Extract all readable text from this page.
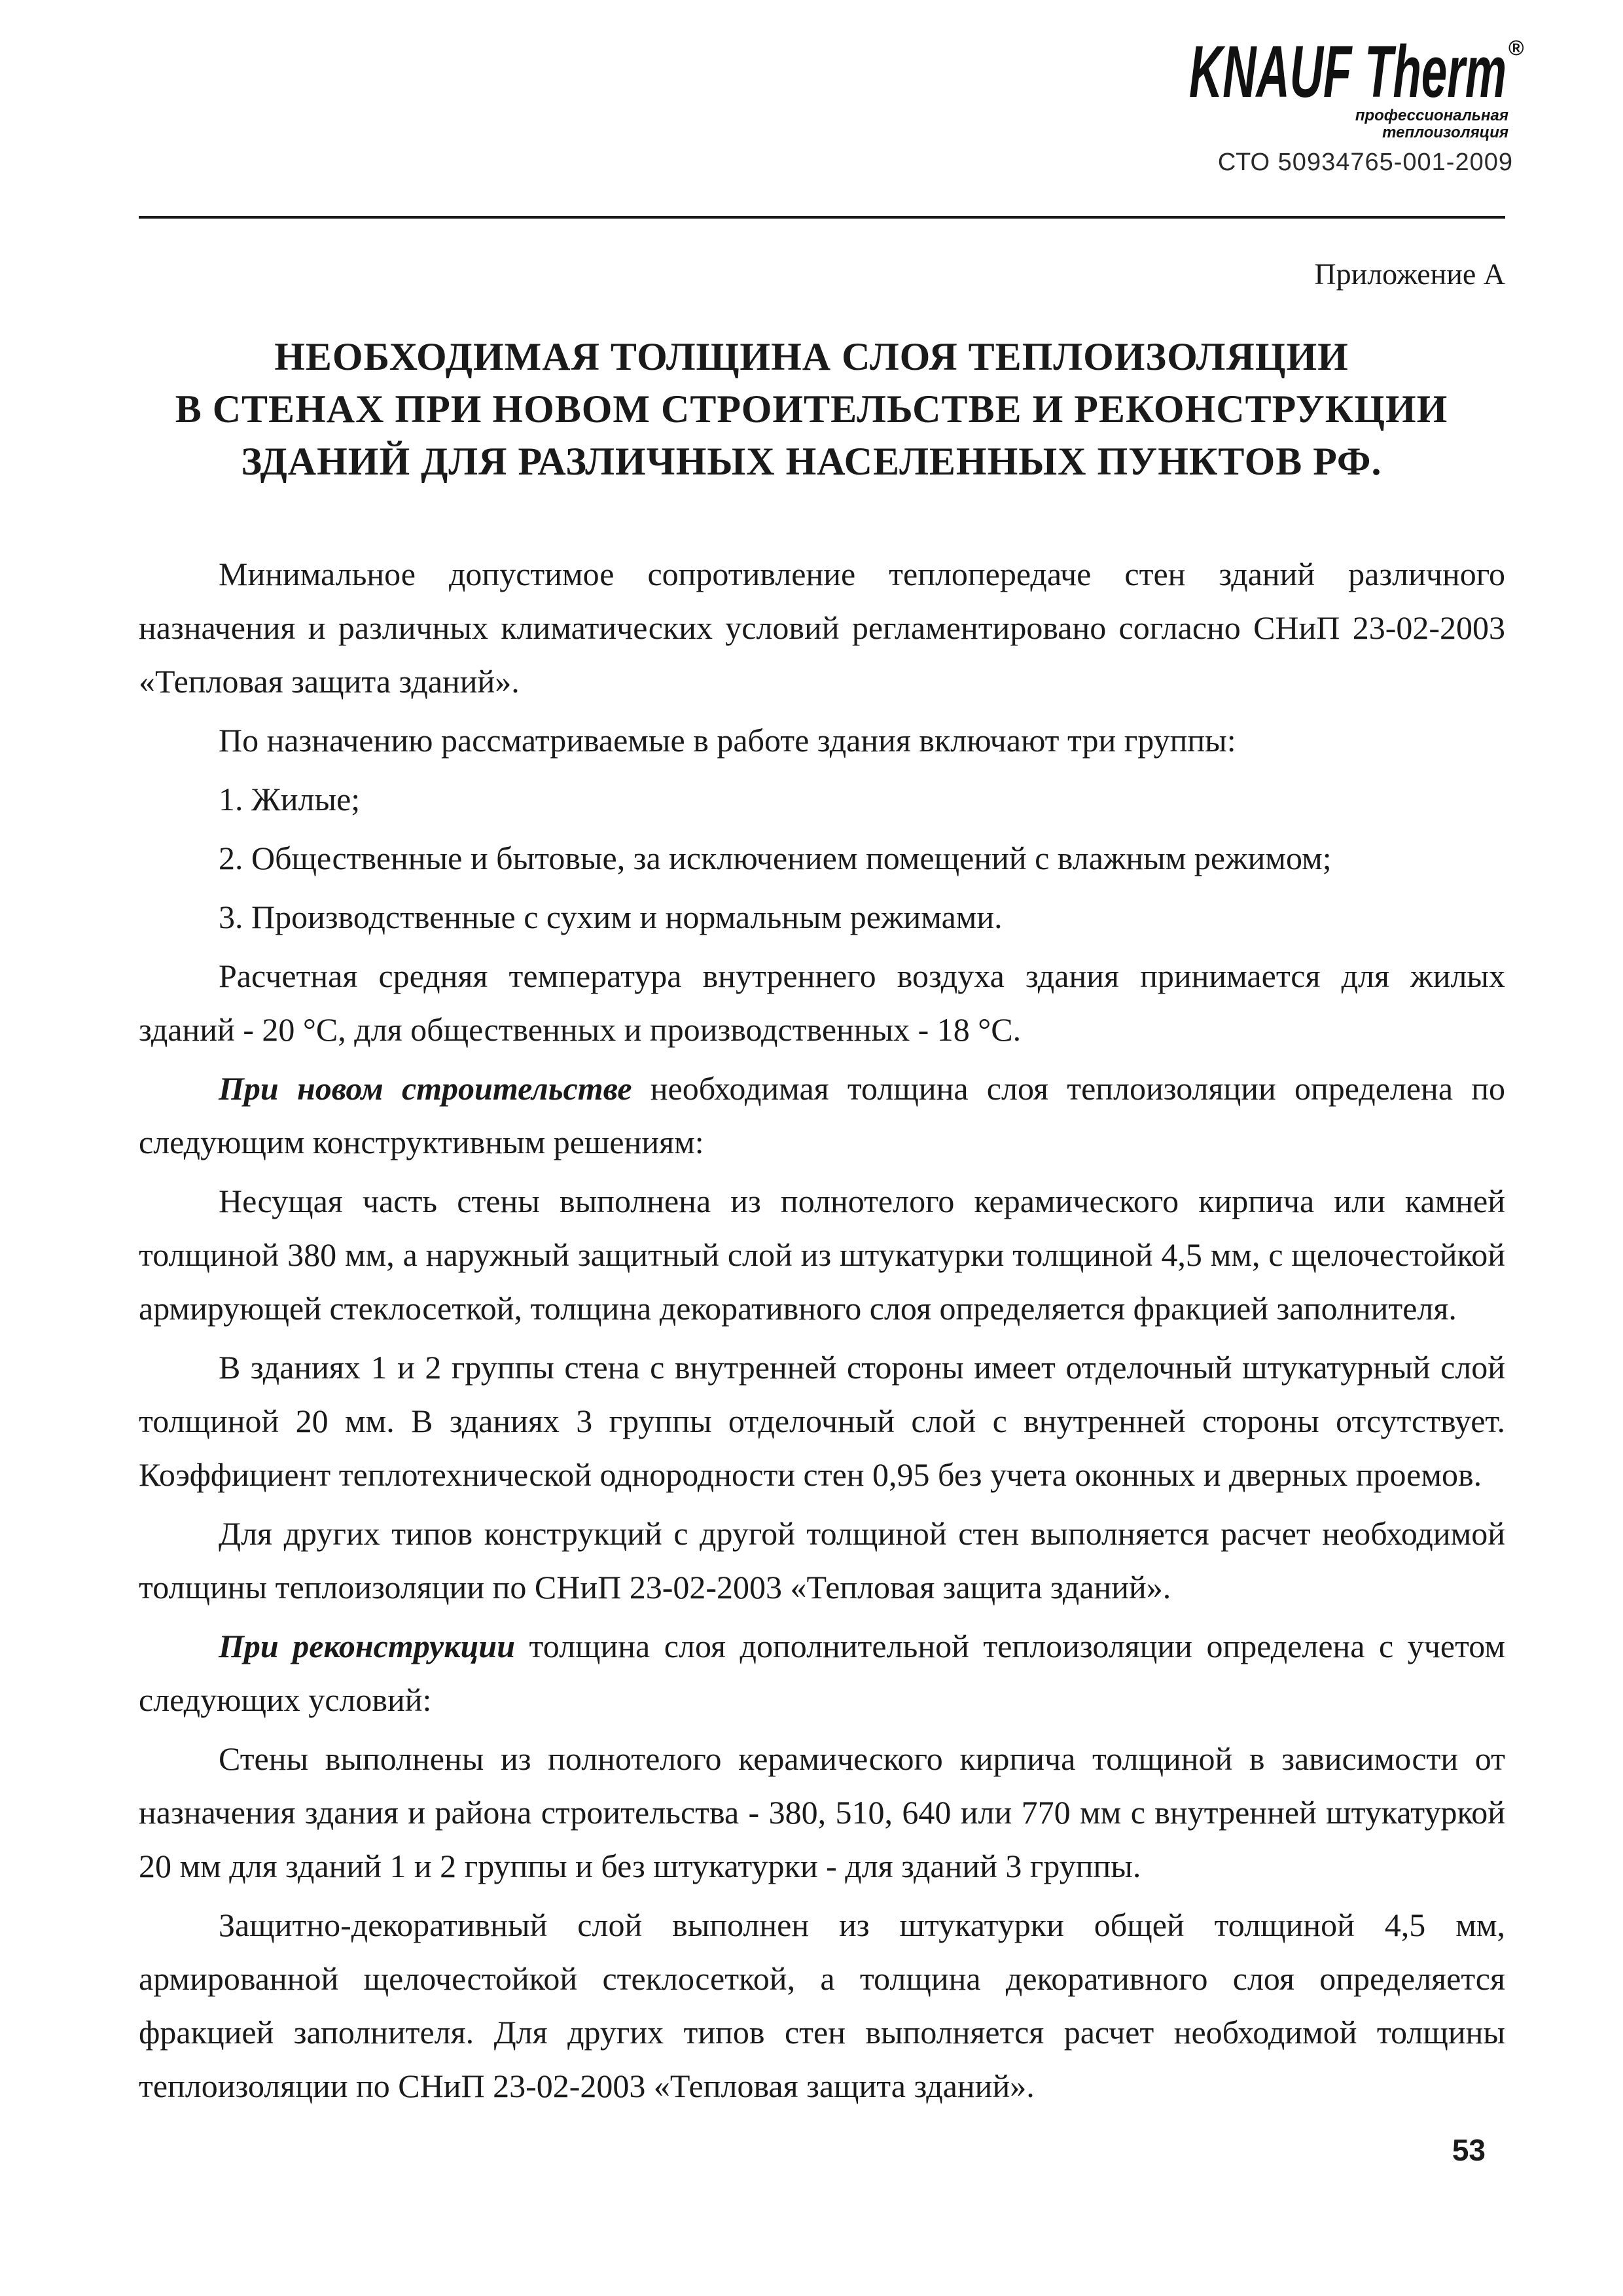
KNAUF Therm ®
профессиональная
теплоизоляция
СТО 50934765-001-2009
Приложение А
НЕОБХОДИМАЯ ТОЛЩИНА СЛОЯ ТЕПЛОИЗОЛЯЦИИ
В СТЕНАХ ПРИ НОВОМ СТРОИТЕЛЬСТВЕ И РЕКОНСТРУКЦИИ
ЗДАНИЙ ДЛЯ РАЗЛИЧНЫХ НАСЕЛЕННЫХ ПУНКТОВ РФ.

Минимальное допустимое сопротивление теплопередаче стен зданий различного назначения и различных климатических условий регламентировано согласно СНиП 23-02-2003 «Тепловая защита зданий».

По назначению рассматриваемые в работе здания включают три группы:

1. Жилые;

2. Общественные и бытовые, за исключением помещений с влажным режимом;

3. Производственные с сухим и нормальным режимами.

Расчетная средняя температура внутреннего воздуха здания принимается для жилых зданий - 20 °С, для общественных и производственных - 18 °С.

При новом строительстве необходимая толщина слоя теплоизоляции определена по следующим конструктивным решениям:

Несущая часть стены выполнена из полнотелого керамического кирпича или камней толщиной 380 мм, а наружный защитный слой из штукатурки толщиной 4,5 мм, с щелочестойкой армирующей стеклосеткой, толщина декоративного слоя определяется фракцией заполнителя.

В зданиях 1 и 2 группы стена с внутренней стороны имеет отделочный штукатурный слой толщиной 20 мм. В зданиях 3 группы отделочный слой с внутренней стороны отсутствует. Коэффициент теплотехнической однородности стен 0,95 без учета оконных и дверных проемов.

Для других типов конструкций с другой толщиной стен выполняется расчет необходимой толщины теплоизоляции по СНиП 23-02-2003 «Тепловая защита зданий».

При реконструкции толщина слоя дополнительной теплоизоляции определена с учетом следующих условий:

Стены выполнены из полнотелого керамического кирпича толщиной в зависимости от назначения здания и района строительства - 380, 510, 640 или 770 мм с внутренней штукатуркой 20 мм для зданий 1 и 2 группы и без штукатурки - для зданий 3 группы.

Защитно-декоративный слой выполнен из штукатурки общей толщиной 4,5 мм, армированной щелочестойкой стеклосеткой, а толщина декоративного слоя определяется фракцией заполнителя. Для других типов стен выполняется расчет необходимой толщины теплоизоляции по СНиП 23-02-2003 «Тепловая защита зданий».

53
